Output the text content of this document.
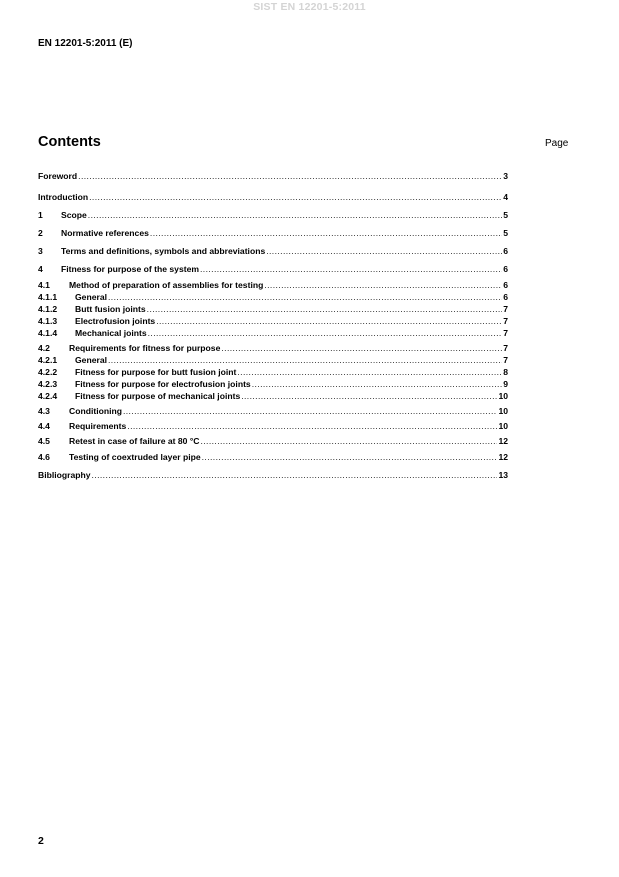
SIST EN 12201-5:2011
EN 12201-5:2011 (E)
Contents	Page
Foreword .....	3
Introduction .....	4
1	Scope .....	5
2	Normative references .....	5
3	Terms and definitions, symbols and abbreviations .....	6
4	Fitness for purpose of the system .....	6
4.1	Method of preparation of assemblies for testing .....	6
4.1.1	General .....	6
4.1.2	Butt fusion joints .....	7
4.1.3	Electrofusion joints .....	7
4.1.4	Mechanical joints .....	7
4.2	Requirements for fitness for purpose .....	7
4.2.1	General .....	7
4.2.2	Fitness for purpose for butt fusion joint .....	8
4.2.3	Fitness for purpose for electrofusion joints .....	9
4.2.4	Fitness for purpose of mechanical joints .....	10
4.3	Conditioning .....	10
4.4	Requirements .....	10
4.5	Retest in case of failure at 80 °C .....	12
4.6	Testing of coextruded layer pipe .....	12
Bibliography .....	13
2
